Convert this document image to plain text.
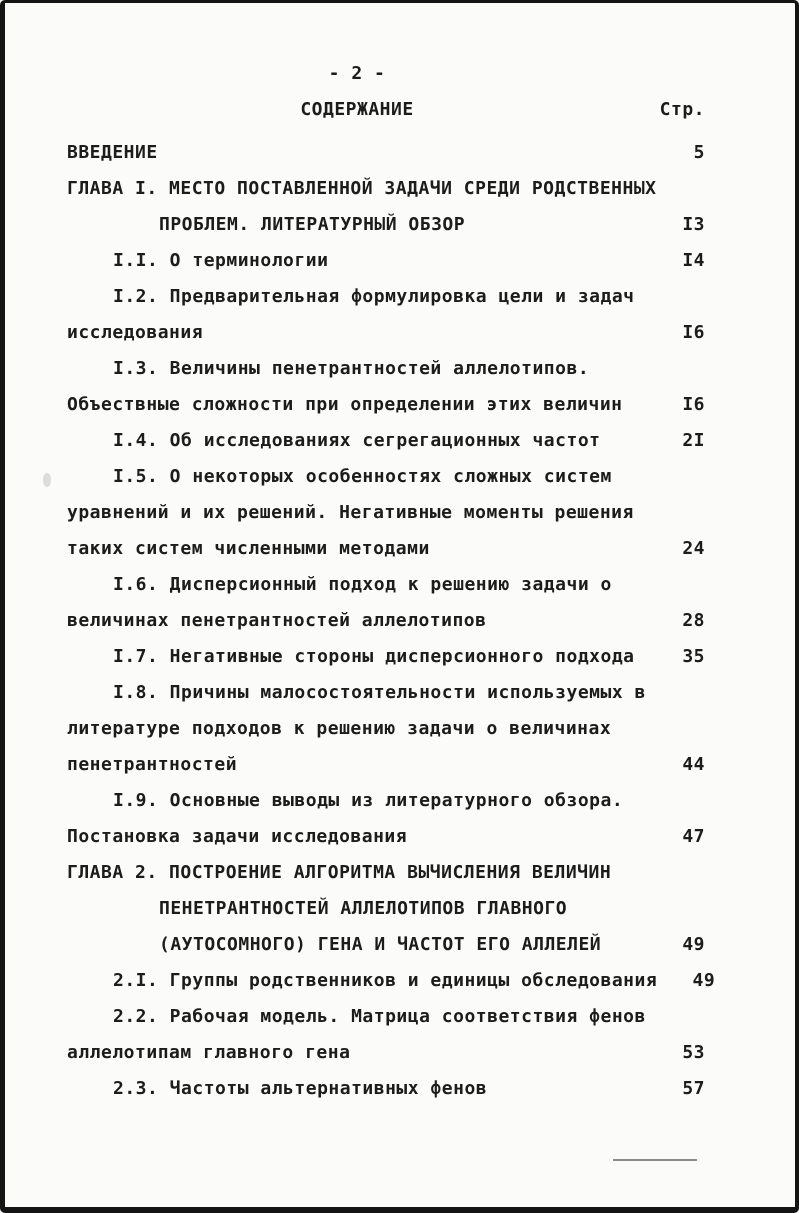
- 2 -
СОДЕРЖАНИЕ	Стр.
ВВЕДЕНИЕ	5
ГЛАВА I. МЕСТО ПОСТАВЛЕННОЙ ЗАДАЧИ СРЕДИ РОДСТВЕННЫХ
ПРОБЛЕМ. ЛИТЕРАТУРНЫЙ ОБЗОР	I3
I.I. О терминологии	I4
I.2. Предварительная формулировка цели и задач
исследования	I6
I.3. Величины пенетрантностей аллелотипов.
Объествные сложности при определении этих величин	I6
I.4. Об исследованиях сегрегационных частот	2I
I.5. О некоторых особенностях сложных систем
уравнений и их решений. Негативные моменты решения
таких систем численными методами	24
I.6. Дисперсионный подход к решению задачи о
величинах пенетрантностей аллелотипов	28
I.7. Негативные стороны дисперсионного подхода	35
I.8. Причины малосостоятельности используемых в
литературе подходов к решению задачи о величинах
пенетрантностей	44
I.9. Основные выводы из литературного обзора.
Постановка задачи исследования	47
ГЛАВА 2. ПОСТРОЕНИЕ АЛГОРИТМА ВЫЧИСЛЕНИЯ ВЕЛИЧИН
ПЕНЕТРАНТНОСТЕЙ АЛЛЕЛОТИПОВ ГЛАВНОГО
(АУТОСОМНОГО) ГЕНА И ЧАСТОТ ЕГО АЛЛЕЛЕЙ	49
2.I. Группы родственников и единицы обследования	49
2.2. Рабочая модель. Матрица соответствия фенов
аллелотипам главного гена	53
2.3. Частоты альтернативных фенов	57
